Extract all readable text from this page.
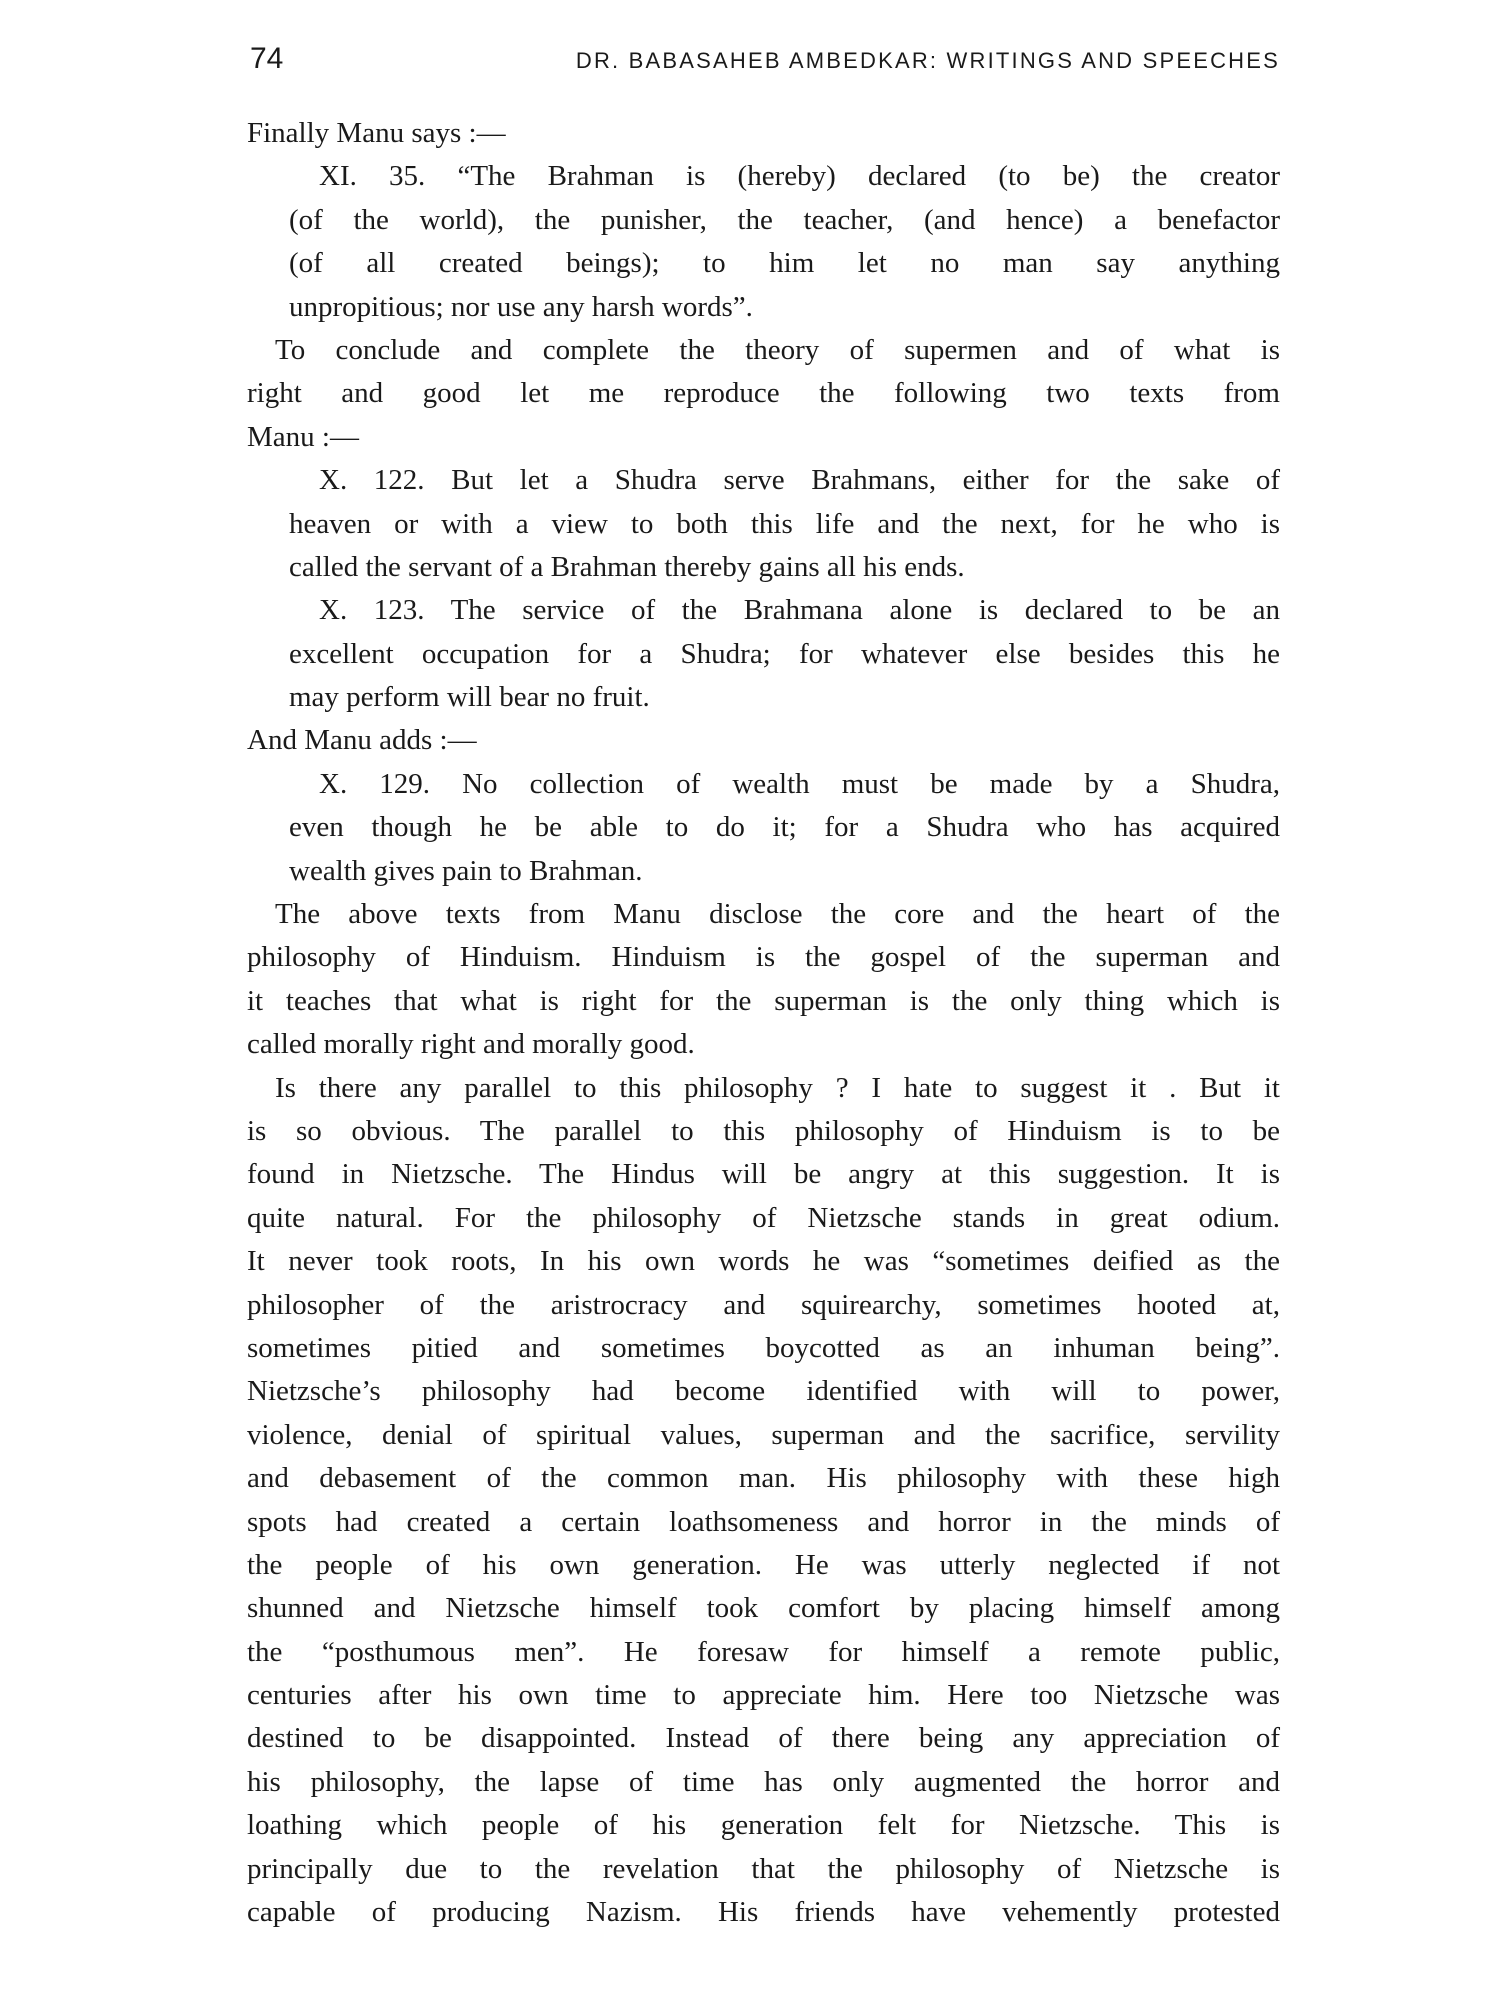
74	DR. BABASAHEB AMBEDKAR: WRITINGS AND SPEECHES
Finally Manu says :—
XI. 35. “The Brahman is (hereby) declared (to be) the creator
(of the world), the punisher, the teacher, (and hence) a benefactor
(of all created beings); to him let no man say anything
unpropitious; nor use any harsh words”.
To conclude and complete the theory of supermen and of what is
right and good let me reproduce the following two texts from
Manu :—
X. 122. But let a Shudra serve Brahmans, either for the sake of
heaven or with a view to both this life and the next, for he who is
called the servant of a Brahman thereby gains all his ends.
X. 123. The service of the Brahmana alone is declared to be an
excellent occupation for a Shudra; for whatever else besides this he
may perform will bear no fruit.
And Manu adds :—
X. 129. No collection of wealth must be made by a Shudra,
even though he be able to do it; for a Shudra who has acquired
wealth gives pain to Brahman.
The above texts from Manu disclose the core and the heart of the
philosophy of Hinduism. Hinduism is the gospel of the superman and
it teaches that what is right for the superman is the only thing which is
called morally right and morally good.
Is there any parallel to this philosophy ? I hate to suggest it . But it
is so obvious. The parallel to this philosophy of Hinduism is to be
found in Nietzsche. The Hindus will be angry at this suggestion. It is
quite natural. For the philosophy of Nietzsche stands in great odium.
It never took roots, In his own words he was “sometimes deified as the
philosopher of the aristrocracy and squirearchy, sometimes hooted at,
sometimes pitied and sometimes boycotted as an inhuman being”.
Nietzsche’s philosophy had become identified with will to power,
violence, denial of spiritual values, superman and the sacrifice, servility
and debasement of the common man. His philosophy with these high
spots had created a certain loathsomeness and horror in the minds of
the people of his own generation. He was utterly neglected if not
shunned and Nietzsche himself took comfort by placing himself among
the “posthumous men”. He foresaw for himself a remote public,
centuries after his own time to appreciate him. Here too Nietzsche was
destined to be disappointed. Instead of there being any appreciation of
his philosophy, the lapse of time has only augmented the horror and
loathing which people of his generation felt for Nietzsche. This is
principally due to the revelation that the philosophy of Nietzsche is
capable of producing Nazism. His friends have vehemently protested
